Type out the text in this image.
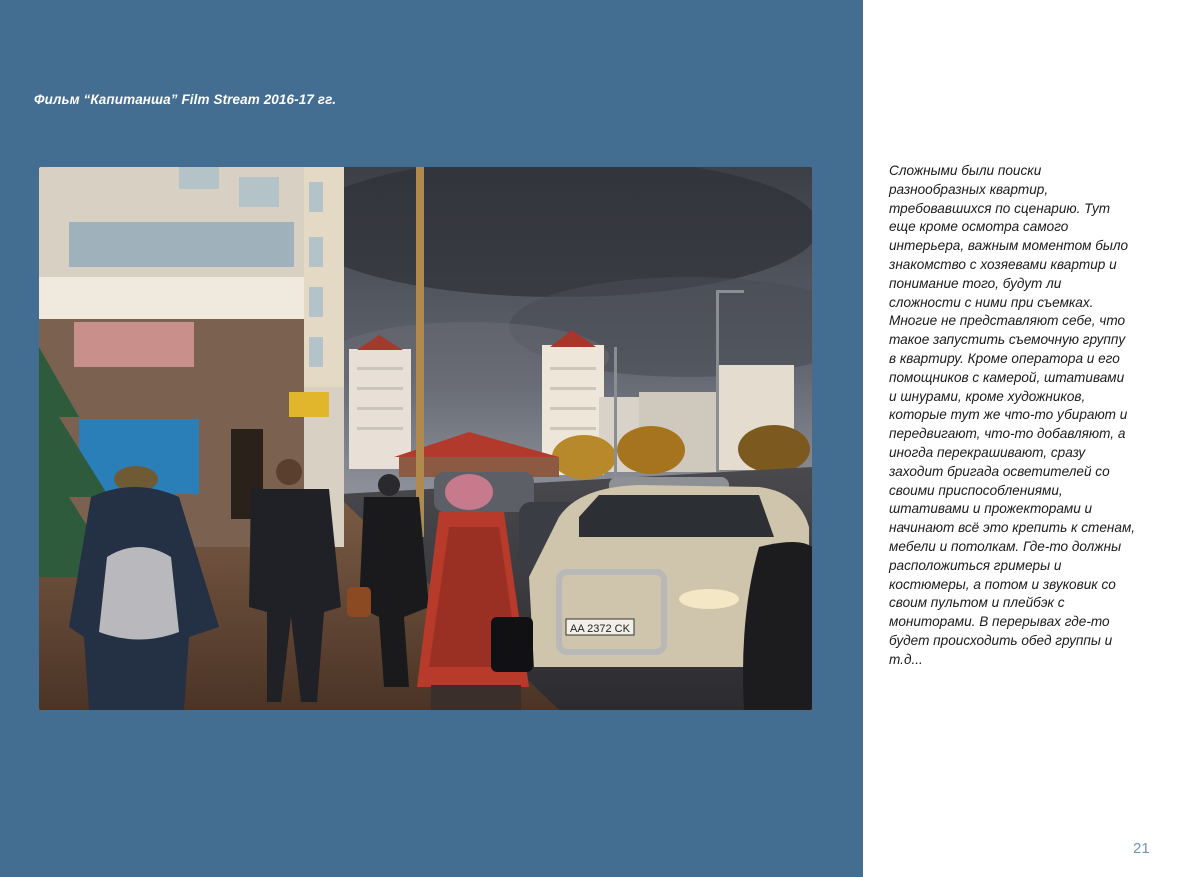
Фильм “Капитанша” Film Stream 2016-17 гг.
AA 2372 CK
Сложными были поиски
разнообразных квартир,
требовавшихся по сценарию. Тут
еще кроме осмотра самого
интерьера, важным моментом было
знакомство с хозяевами квартир и
понимание того, будут ли
сложности с ними при съемках.
Многие не представляют себе, что
такое запустить съемочную группу
в квартиру. Кроме оператора и его
помощников с камерой, штативами
и шнурами, кроме художников,
которые тут же что-то убирают и
передвигают, что-то добавляют, а
иногда перекрашивают, сразу
заходит бригада осветителей со
своими приспособлениями,
штативами и прожекторами и
начинают всё это крепить к стенам,
мебели и потолкам. Где-то должны
расположиться гримеры и
костюмеры, а потом и звуковик со
своим пультом и плейбэк с
мониторами. В перерывах где-то
будет происходить обед группы и
т.д...
21
